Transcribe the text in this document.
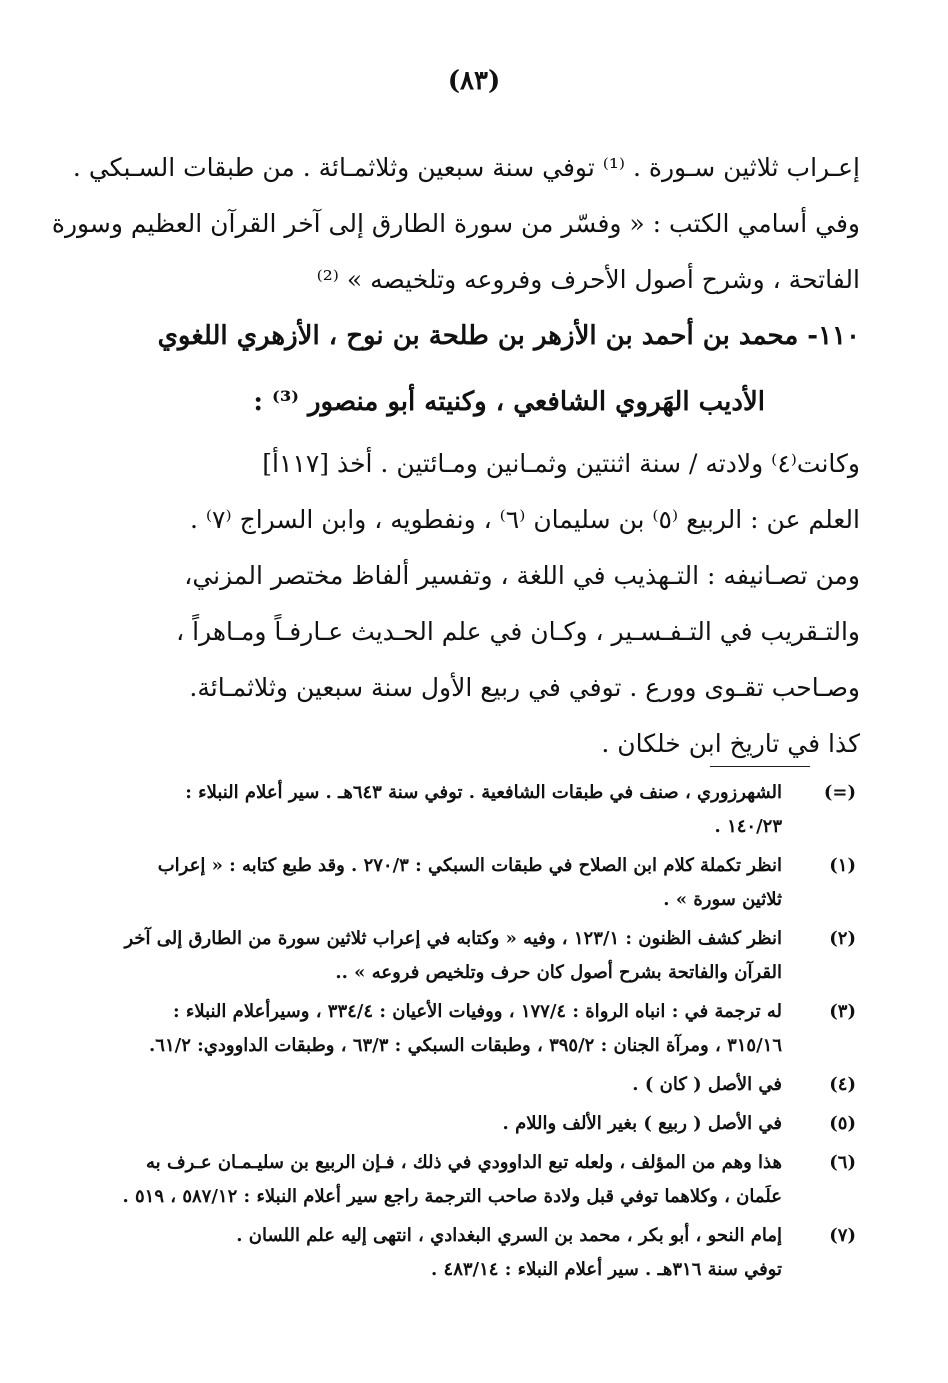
(٨٣)
إعـراب ثلاثين سـورة . ⁽¹⁾ توفي سنة سبعين وثلاثمـائة . من طبقات السـبكي .
وفي أسامي الكتب : « وفسّر من سورة الطارق إلى آخر القرآن العظيم وسورة
الفاتحة ، وشرح أصول الأحرف وفروعه وتلخيصه » ⁽²⁾
١١٠- محمد بن أحمد بن الأزهر بن طلحة بن نوح ، الأزهري اللغوي
الأديب الهَروي الشافعي ، وكنيته أبو منصور ⁽³⁾ :
وكانت⁽٤⁾ ولادته / سنة اثنتين وثمـانين ومـائتين . أخذ [١١٧أ]
العلم عن : الربيع ⁽٥⁾ بن سليمان ⁽٦⁾ ، ونفطويه ، وابن السراج ⁽٧⁾ .
ومن تصـانيفه : التـهذيب في اللغة ، وتفسير ألفاظ مختصر المزني،
والتـقريب في التـفـسـير ، وكـان في علم الحـديث عـارفـاً ومـاهراً ،
وصـاحب تقـوى وورع . توفي في ربيع الأول سنة سبعين وثلاثمـائة.
كذا في تاريخ ابن خلكان .
(=)
الشهرزوري ، صنف في طبقات الشافعية . توفي سنة ٦٤٣هـ . سير أعلام النبلاء :
١٤٠/٢٣ .
(١)
انظر تكملة كلام ابن الصلاح في طبقات السبكي : ٢٧٠/٣ . وقد طبع كتابه : « إعراب
ثلاثين سورة » .
(٢)
انظر كشف الظنون : ١٢٣/١ ، وفيه « وكتابه في إعراب ثلاثين سورة من الطارق إلى آخر
القرآن والفاتحة بشرح أصول كان حرف وتلخيص فروعه » ..
(٣)
له ترجمة في : انباه الرواة : ١٧٧/٤ ، ووفيات الأعيان : ٣٣٤/٤ ، وسيرأعلام النبلاء :
٣١٥/١٦ ، ومرآة الجنان : ٣٩٥/٢ ، وطبقات السبكي : ٦٣/٣ ، وطبقات الداوودي: ٦١/٢.
(٤)
في الأصل ( كان ) .
(٥)
في الأصل ( ربيع ) بغير الألف واللام .
(٦)
هذا وهم من المؤلف ، ولعله تبع الداوودي في ذلك ، فـإن الربيع بن سليـمـان عـرف به
علَمان ، وكلاهما توفي قبل ولادة صاحب الترجمة راجع سير أعلام النبلاء : ٥٨٧/١٢ ، ٥١٩ .
(٧)
إمام النحو ، أبو بكر ، محمد بن السري البغدادي ، انتهى إليه علم اللسان .
توفي سنة ٣١٦هـ . سير أعلام النبلاء : ٤٨٣/١٤ .
